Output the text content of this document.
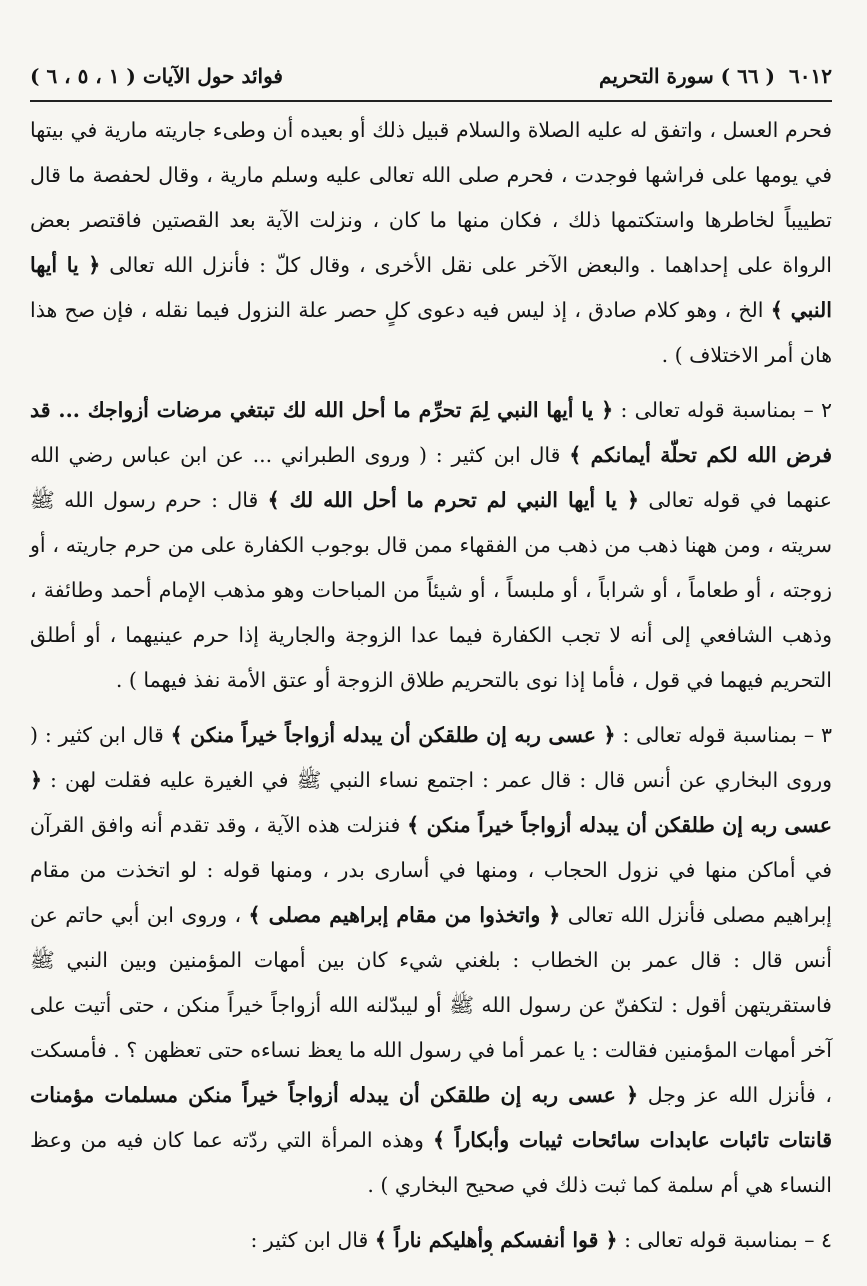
٦٠١٢
( ٦٦ ) سورة التحريم
فوائد حول الآيات ( ١ ، ٥ ، ٦ )

فحرم العسل ، واتفق له عليه الصلاة والسلام قبيل ذلك أو بعيده أن وطىء جاريته مارية في بيتها في يومها على فراشها فوجدت ، فحرم صلى الله تعالى عليه وسلم مارية ، وقال لحفصة ما قال تطييباً لخاطرها واستكتمها ذلك ، فكان منها ما كان ، ونزلت الآية بعد القصتين فاقتصر بعض الرواة على إحداهما . والبعض الآخر على نقل الأخرى ، وقال كلّ : فأنزل الله تعالى ﴿ يا أيها النبي ﴾ الخ ، وهو كلام صادق ، إذ ليس فيه دعوى كلٍ حصر علة النزول فيما نقله ، فإن صح هذا هان أمر الاختلاف ) .

٢ – بمناسبة قوله تعالى : ﴿ يا أيها النبي لِمَ تحرِّم ما أحل الله لك تبتغي مرضات أزواجك ... قد فرض الله لكم تحلّة أيمانكم ﴾ قال ابن كثير : ( وروى الطبراني ... عن ابن عباس رضي الله عنهما في قوله تعالى ﴿ يا أيها النبي لم تحرم ما أحل الله لك ﴾ قال : حرم رسول الله ﷺ سريته ، ومن ههنا ذهب من ذهب من الفقهاء ممن قال بوجوب الكفارة على من حرم جاريته ، أو زوجته ، أو طعاماً ، أو شراباً ، أو ملبساً ، أو شيئاً من المباحات وهو مذهب الإمام أحمد وطائفة ، وذهب الشافعي إلى أنه لا تجب الكفارة فيما عدا الزوجة والجارية إذا حرم عينيهما ، أو أطلق التحريم فيهما في قول ، فأما إذا نوى بالتحريم طلاق الزوجة أو عتق الأمة نفذ فيهما ) .

٣ – بمناسبة قوله تعالى : ﴿ عسى ربه إن طلقكن أن يبدله أزواجاً خيراً منكن ﴾ قال ابن كثير : ( وروى البخاري عن أنس قال : قال عمر : اجتمع نساء النبي ﷺ في الغيرة عليه فقلت لهن : ﴿ عسى ربه إن طلقكن أن يبدله أزواجاً خيراً منكن ﴾ فنزلت هذه الآية ، وقد تقدم أنه وافق القرآن في أماكن منها في نزول الحجاب ، ومنها في أسارى بدر ، ومنها قوله : لو اتخذت من مقام إبراهيم مصلى فأنزل الله تعالى ﴿ واتخذوا من مقام إبراهيم مصلى ﴾ ، وروى ابن أبي حاتم عن أنس قال : قال عمر بن الخطاب : بلغني شيء كان بين أمهات المؤمنين وبين النبي ﷺ فاستقريتهن أقول : لتكفنّ عن رسول الله ﷺ أو ليبدّلنه الله أزواجاً خيراً منكن ، حتى أتيت على آخر أمهات المؤمنين فقالت : يا عمر أما في رسول الله ما يعظ نساءه حتى تعظهن ؟ . فأمسكت ، فأنزل الله عز وجل ﴿ عسى ربه إن طلقكن أن يبدله أزواجاً خيراً منكن مسلمات مؤمنات قانتات تائبات عابدات سائحات ثيبات وأبكاراً ﴾ وهذه المرأة التي ردّته عما كان فيه من وعظ النساء هي أم سلمة كما ثبت ذلك في صحيح البخاري ) .

٤ – بمناسبة قوله تعالى : ﴿ قوا أنفسكم وأهليكم ناراً ﴾ قال ابن كثير :
